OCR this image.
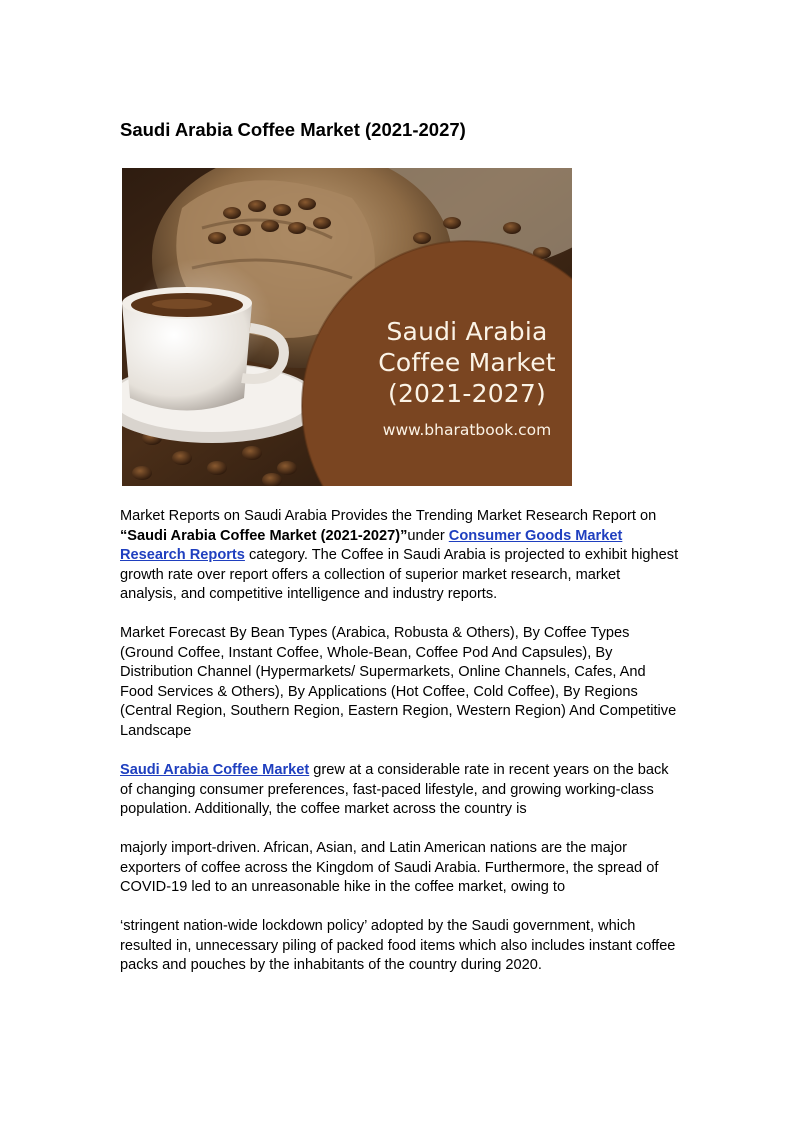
Saudi Arabia Coffee Market (2021-2027)
Saudi Arabia
Coffee Market
(2021-2027)
www.bharatbook.com

Market Reports on Saudi Arabia Provides the Trending Market Research Report on “Saudi Arabia Coffee Market (2021-2027)”under Consumer Goods Market Research Reports category. The Coffee in Saudi Arabia is projected to exhibit highest growth rate over report offers a collection of superior market research, market analysis, and competitive intelligence and industry reports.

Market Forecast By Bean Types (Arabica, Robusta & Others), By Coffee Types (Ground Coffee, Instant Coffee, Whole-Bean, Coffee Pod And Capsules), By Distribution Channel (Hypermarkets/ Supermarkets, Online Channels, Cafes, And Food Services & Others), By Applications (Hot Coffee, Cold Coffee), By Regions (Central Region, Southern Region, Eastern Region, Western Region) And Competitive Landscape

Saudi Arabia Coffee Market grew at a considerable rate in recent years on the back of changing consumer preferences, fast-paced lifestyle, and growing working-class population. Additionally, the coffee market across the country is

majorly import-driven. African, Asian, and Latin American nations are the major exporters of coffee across the Kingdom of Saudi Arabia. Furthermore, the spread of COVID-19 led to an unreasonable hike in the coffee market, owing to

‘stringent nation-wide lockdown policy’ adopted by the Saudi government, which resulted in, unnecessary piling of packed food items which also includes instant coffee packs and pouches by the inhabitants of the country during 2020.
